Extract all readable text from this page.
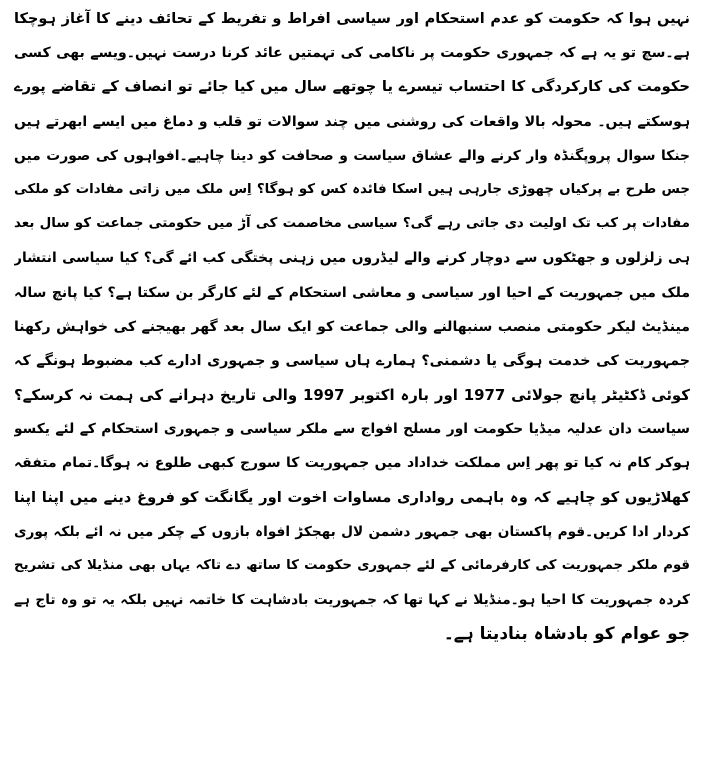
نہیں ہوا کہ حکومت کو عدم استحکام اور سیاسی افراط و تفریط کے تحائف دینے کا آغاز ہوچکا
ہے۔سچ تو یہ ہے کہ جمہوری حکومت پر ناکامی کی تہمتیں عائد کرنا درست نہیں۔ویسے بھی کسی
حکومت کی کارکردگی کا احتساب تیسرے یا چوتھے سال میں کیا جائے تو انصاف کے تقاضے پورے
ہوسکتے ہیں۔ محولہ بالا واقعات کی روشنی میں چند سوالات تو قلب و دماغ میں ایسے ابھرتے ہیں
جنکا سوال پروپگنڈہ وار کرنے والے عشاق سیاست و صحافت کو دینا چاہیے۔افواہوں کی صورت میں
جس طرح بے پرکیاں چھوڑی جارہی ہیں اسکا فائدہ کس کو ہوگا؟ اِس ملک میں زاتی مفادات کو ملکی
مفادات پر کب تک اولیت دی جاتی رہے گی؟ سیاسی مخاصمت کی آڑ میں حکومتی جماعت کو سال بعد
ہی زلزلوں و جھٹکوں سے دوچار کرنے والے لیڈروں میں زہنی پختگی کب ائے گی؟ کیا سیاسی انتشار
ملک میں جمہوریت کے احیا اور سیاسی و معاشی استحکام کے لئے کارگر بن سکتا ہے؟ کیا پانچ سالہ
مینڈیٹ لیکر حکومتی منصب سنبھالنے والی جماعت کو ایک سال بعد گھر بھیجنے کی خواہش رکھنا
جمہوریت کی خدمت ہوگی یا دشمنی؟ ہمارے ہاں سیاسی و جمہوری ادارے کب مضبوط ہونگے کہ
کوئی ڈکٹیٹر پانچ جولائی 1977 اور بارہ اکتوبر 1997 والی تاریخ دہرانے کی ہمت نہ کرسکے؟
سیاست دان عدلیہ میڈیا حکومت اور مسلح افواج سے ملکر سیاسی و جمہوری استحکام کے لئے یکسو
ہوکر کام نہ کیا تو پھر اِس مملکت خداداد میں جمہوریت کا سورج کبھی طلوع نہ ہوگا۔تمام متفقہ
کھلاڑیوں کو چاہیے کہ وہ باہمی رواداری مساوات اخوت اور یگانگت کو فروغ دینے میں اپنا اپنا
کردار ادا کریں۔قوم پاکستان بھی جمہور دشمن لال بھجکڑ افواہ بازوں کے چکر میں نہ ائے بلکہ پوری
قوم ملکر جمہوریت کی کارفرمائی کے لئے جمہوری حکومت کا ساتھ دے تاکہ یہاں بھی منڈیلا کی تشریح
کردہ جمہوریت کا احیا ہو۔منڈیلا نے کہا تھا کہ جمہوریت بادشاہت کا خاتمہ نہیں بلکہ یہ تو وہ تاج ہے
جو عوام کو بادشاہ بنادیتا ہے۔
